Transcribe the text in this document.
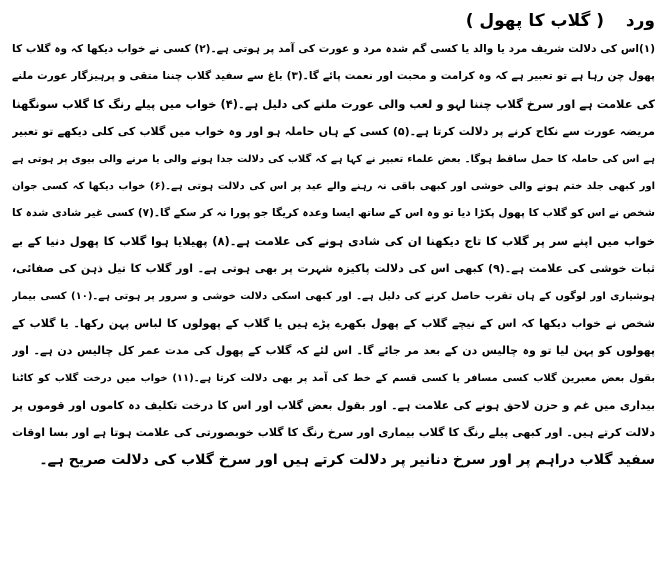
ورد  ( گلاب کا پھول )
(۱)اس کی دلالت شریف مرد یا والد یا کسی گم شدہ مرد و عورت کی آمد پر ہوتی ہے۔(۲) کسی نے خواب دیکھا کہ وہ گلاب کا
پھول چن رہا ہے تو تعبیر ہے کہ وہ کرامت و محبت اور نعمت پائے گا۔(۳) باغ سے سفید گلاب چننا متقی و پرہیزگار عورت ملنے
کی علامت ہے اور سرخ گلاب چننا لہو و لعب والی عورت ملنے کی دلیل ہے۔(۴) خواب میں پیلے رنگ کا گلاب سونگھنا
مریضہ عورت سے نکاح کرنے پر دلالت کرتا ہے۔(۵) کسی کے ہاں حاملہ ہو اور وہ خواب میں گلاب کی کلی دیکھے تو تعبیر
ہے اس کی حاملہ کا حمل ساقط ہوگا۔ بعض علماء تعبیر نے کہا ہے کہ گلاب کی دلالت جدا ہونے والی یا مرنے والی بیوی پر ہوتی ہے
اور کبھی جلد ختم ہونے والی خوشی اور کبھی باقی نہ رہنے والے عید پر اس کی دلالت ہوتی ہے۔(۶) خواب دیکھا کہ کسی جوان
شخص نے اس کو گلاب کا پھول پکڑا دیا تو وہ اس کے ساتھ ایسا وعدہ کریگا جو پورا نہ کر سکے گا۔(۷) کسی غیر شادی شدہ کا
خواب میں اپنے سر پر گلاب کا تاج دیکھنا ان کی شادی ہونے کی علامت ہے۔(۸) پھیلایا ہوا گلاب کا پھول دنیا کے بے
ثبات خوشی کی علامت ہے۔(۹) کبھی اس کی دلالت پاکیزہ شہرت پر بھی ہوتی ہے۔ اور گلاب کا تیل ذہن کی صفائی،
ہوشیاری اور لوگوں کے ہاں تقرب حاصل کرنے کی دلیل ہے۔ اور کبھی اسکی دلالت خوشی و سرور پر ہوتی ہے۔(۱۰) کسی بیمار
شخص نے خواب دیکھا کہ اس کے نیچے گلاب کے پھول بکھرے پڑے ہیں یا گلاب کے پھولوں کا لباس پہن رکھا۔ یا گلاب کے
پھولوں کو پہن لیا تو وہ چالیس دن کے بعد مر جائے گا۔ اس لئے کہ گلاب کے پھول کی مدت عمر کل چالیس دن ہے۔ اور
بقول بعض معبرین گلاب کسی مسافر یا کسی قسم کے خط کی آمد پر بھی دلالت کرتا ہے۔(۱۱) خواب میں درخت گلاب کو کاٹنا
بیداری میں غم و حزن لاحق ہونے کی علامت ہے۔ اور بقول بعض گلاب اور اس کا درخت تکلیف دہ کاموں اور قوموں پر
دلالت کرتے ہیں۔ اور کبھی پیلے رنگ کا گلاب بیماری اور سرخ رنگ کا گلاب خوبصورتی کی علامت ہوتا ہے اور بسا اوقات
سفید گلاب دراہم پر اور سرخ دنانیر پر دلالت کرتے ہیں اور سرخ گلاب کی دلالت صریح ہے۔
